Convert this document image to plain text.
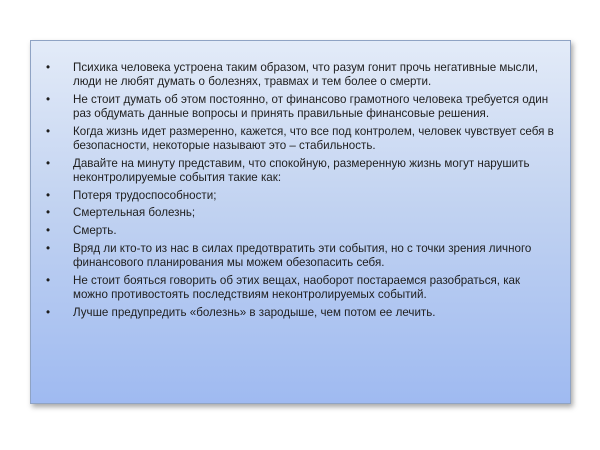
• Психика человека устроена таким образом, что разум гонит прочь негативные мысли, люди не любят думать о болезнях, травмах и тем более о смерти.
• Не стоит думать об этом постоянно, от финансово грамотного человека требуется один раз обдумать данные вопросы и принять правильные финансовые решения.
• Когда жизнь идет размеренно, кажется, что все под контролем, человек чувствует себя в безопасности, некоторые называют это – стабильность.
• Давайте на минуту представим, что спокойную, размеренную жизнь могут нарушить неконтролируемые события такие как:
• Потеря трудоспособности;
• Смертельная болезнь;
• Смерть.
• Вряд ли кто-то из нас в силах предотвратить эти события, но с точки зрения личного финансового планирования мы можем обезопасить себя.
• Не стоит бояться говорить об этих вещах, наоборот постараемся разобраться, как можно противостоять последствиям неконтролируемых событий.
• Лучше предупредить «болезнь» в зародыше, чем потом ее лечить.
